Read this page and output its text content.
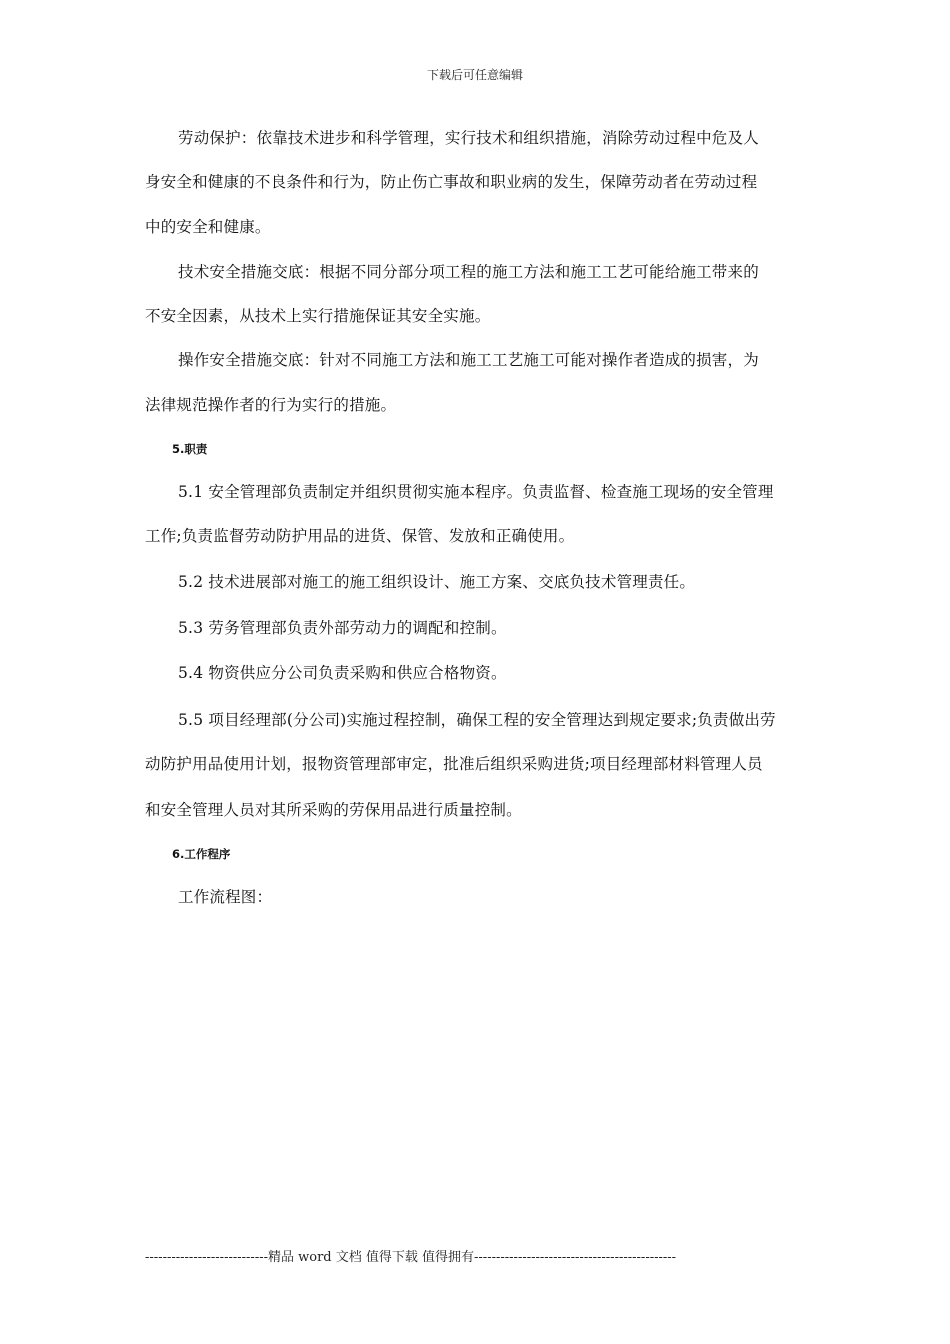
下载后可任意编辑
劳动保护：依靠技术进步和科学管理，实行技术和组织措施，消除劳动过程中危及人
身安全和健康的不良条件和行为，防止伤亡事故和职业病的发生，保障劳动者在劳动过程
中的安全和健康。
技术安全措施交底：根据不同分部分项工程的施工方法和施工工艺可能给施工带来的
不安全因素，从技术上实行措施保证其安全实施。
操作安全措施交底：针对不同施工方法和施工工艺施工可能对操作者造成的损害，为
法律规范操作者的行为实行的措施。
5.职责
5.1 安全管理部负责制定并组织贯彻实施本程序。负责监督、检查施工现场的安全管理
工作;负责监督劳动防护用品的进货、保管、发放和正确使用。
5.2 技术进展部对施工的施工组织设计、施工方案、交底负技术管理责任。
5.3 劳务管理部负责外部劳动力的调配和控制。
5.4 物资供应分公司负责采购和供应合格物资。
5.5 项目经理部(分公司)实施过程控制，确保工程的安全管理达到规定要求;负责做出劳
动防护用品使用计划，报物资管理部审定，批准后组织采购进货;项目经理部材料管理人员
和安全管理人员对其所采购的劳保用品进行质量控制。
6.工作程序
工作流程图：
----------------------------精品 word 文档 值得下载 值得拥有----------------------------------------------
